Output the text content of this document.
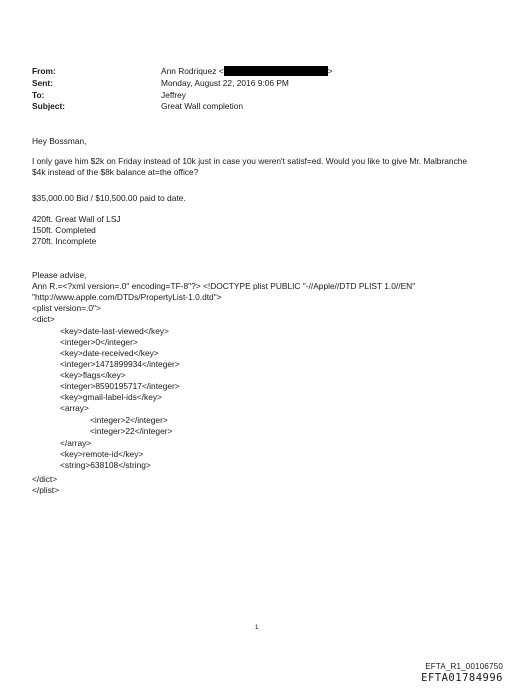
From:	Ann Rodriquez <	>
Sent:	Monday, August 22, 2016 9:06 PM
To:	Jeffrey
Subject:	Great Wall completion
Hey Bossman,
I only gave him $2k on Friday instead of 10k just in case you weren't satisf=ed. Would you like to give Mr. Malbranche
$4k instead of the $8k balance at=the office?
$35,000.00 Bid / $10,500.00 paid to date.
420ft. Great Wall of LSJ
150ft. Completed
270ft. Incomplete
Please advise,
Ann R.=<?xml version=.0" encoding=TF-8"?> <!DOCTYPE plist PUBLIC "-//Apple//DTD PLIST 1.0//EN"
"http://www.apple.com/DTDs/PropertyList-1.0.dtd">
<plist version=.0">
<dict>
<key>date-last-viewed</key>
<integer>0</integer>
<key>date-received</key>
<integer>1471899934</integer>
<key>flags</key>
<integer>8590195717</integer>
<key>gmail-label-ids</key>
<array>
<integer>2</integer>
<integer>22</integer>
</array>
<key>remote-id</key>
<string>638108</string>
</dict>
</plist>
1
EFTA_R1_00106750
EFTA01784996
